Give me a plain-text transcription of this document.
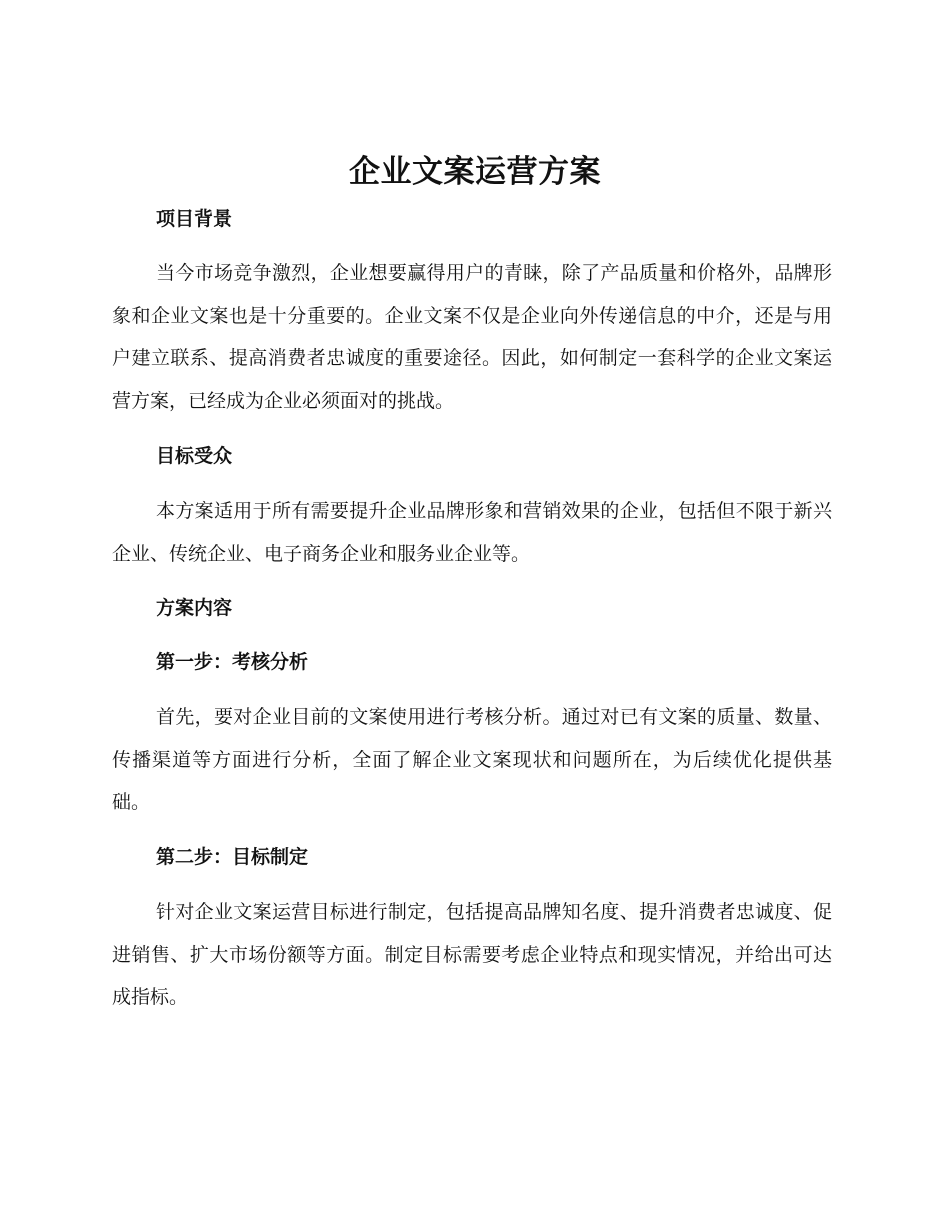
企业文案运营方案
项目背景
当今市场竞争激烈，企业想要赢得用户的青睐，除了产品质量和价格外，品牌形象和企业文案也是十分重要的。企业文案不仅是企业向外传递信息的中介，还是与用户建立联系、提高消费者忠诚度的重要途径。因此，如何制定一套科学的企业文案运营方案，已经成为企业必须面对的挑战。
目标受众
本方案适用于所有需要提升企业品牌形象和营销效果的企业，包括但不限于新兴企业、传统企业、电子商务企业和服务业企业等。
方案内容
第一步：考核分析
首先，要对企业目前的文案使用进行考核分析。通过对已有文案的质量、数量、传播渠道等方面进行分析，全面了解企业文案现状和问题所在，为后续优化提供基础。
第二步：目标制定
针对企业文案运营目标进行制定，包括提高品牌知名度、提升消费者忠诚度、促进销售、扩大市场份额等方面。制定目标需要考虑企业特点和现实情况，并给出可达成指标。
